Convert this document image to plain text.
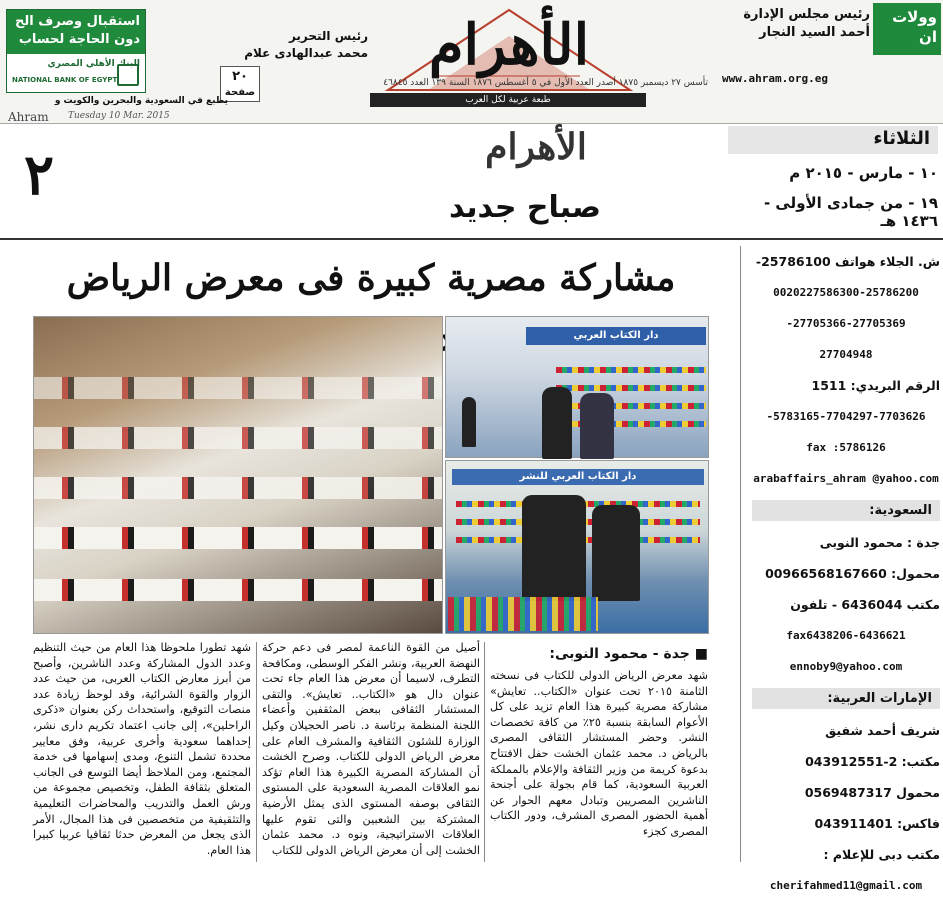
وولات ان
رئيس مجلس الإدارة
أحمد السيد النجار
www.ahram.org.eg
الأهرام
طبعة عربية لكل العرب
تأسس ٢٧ ديسمبر ١٨٧٥ أصدر العدد الأول في ٥ أغسطس ١٨٧٦ السنة ١٣٩ العدد ٤٦٨٤٥
رئيس التحرير
محمد عبدالهادى علام
٢٠
صفحة
استقبال وصرف الح دون الحاجة لحساب
البنك الأهلي المصري
NATIONAL BANK OF EGYPT
يطبع في السعودية والبحرين والكويت و
Ahram Tuesday 10 Mar. 2015
٢	الأهرام
صباح جديد
الثلاثاء
١٠ - مارس - ٢٠١٥ م
١٩ - من جمادى الأولى - ١٤٣٦ هـ
مشاركة مصرية كبيرة فى معرض الرياض
دار الكتاب العربي
دار الكتاب العربي للنشر
■ جدة - محمود النوبى:
شهد معرض الرياض الدولى للكتاب فى نسخته الثامنة ٢٠١٥ تحت عنوان «الكتاب.. تعايش» مشاركة مصرية كبيرة هذا العام تزيد على كل الأعوام السابقة بنسبة ٢٥٪ من كافة تخصصات النشر. وحضر المستشار الثقافى المصرى بالرياض د. محمد عثمان الخشت حفل الافتتاح بدعوة كريمة من وزير الثقافة والإعلام بالمملكة العربية السعودية، كما قام بجولة على أجنحة الناشرين المصريين وتبادل معهم الحوار عن أهمية الحضور المصرى المشرف، ودور الكتاب المصرى كجزء
أصيل من القوة الناعمة لمصر فى دعم حركة النهضة العربية، ونشر الفكر الوسطى، ومكافحة التطرف، لاسيما أن معرض هذا العام جاء تحت عنوان دال هو «الكتاب.. تعايش». والتقى المستشار الثقافى ببعض المثقفين وأعضاء اللجنة المنظمة برئاسة د. ناصر الحجيلان وكيل الوزارة للشئون الثقافية والمشرف العام على معرض الرياض الدولى للكتاب. وصرح الخشت أن المشاركة المصرية الكبيرة هذا العام تؤكد نمو العلاقات المصرية السعودية على المستوى الثقافى بوصفه المستوى الذى يمثل الأرضية المشتركة بين الشعبين والتى تقوم عليها العلاقات الاستراتيجية، ونوه د. محمد عثمان الخشت إلى أن معرض الرياض الدولى للكتاب
شهد تطورا ملحوظا هذا العام من حيث التنظيم وعدد الدول المشاركة وعدد الناشرين، وأصبح من أبرز معارض الكتاب العربى، من حيث عدد الزوار والقوة الشرائية، وقد لوحظ زيادة عدد منصات التوقيع، واستحداث ركن بعنوان «ذكرى الراحلين»، إلى جانب اعتماد تكريم دارى نشر، إحداهما سعودية وأخرى عربية، وفق معايير محددة تشمل التنوع، ومدى إسهامها فى خدمة المجتمع، ومن الملاحظ أيضا التوسع فى الجانب المتعلق بثقافة الطفل، وتخصيص مجموعة من ورش العمل والتدريب والمحاضرات التعليمية والتثقيفية من متخصصين فى هذا المجال، الأمر الذى يجعل من المعرض حدثا ثقافيا عربيا كبيرا هذا العام.
ش. الجلاء هواتف 25786100-
0020227586300-25786200
-27705366-27705369
27704948
الرقم البريدي: 1511
-5783165-7704297-7703626
fax :5786126
arabaffairs_ahram @yahoo.com
السعودية:
جدة : محمود النوبى
محمول: 00966568167660
مكتب 6436044 - تلفون
fax6438206-6436621
ennoby9@yahoo.com
الإمارات العربية:
شريف أحمد شفيق
مكتب: 2-043912551
محمول 0569487317
فاكس: 043911401
مكتب دبى للإعلام :
cherifahmed11@gmail.com
